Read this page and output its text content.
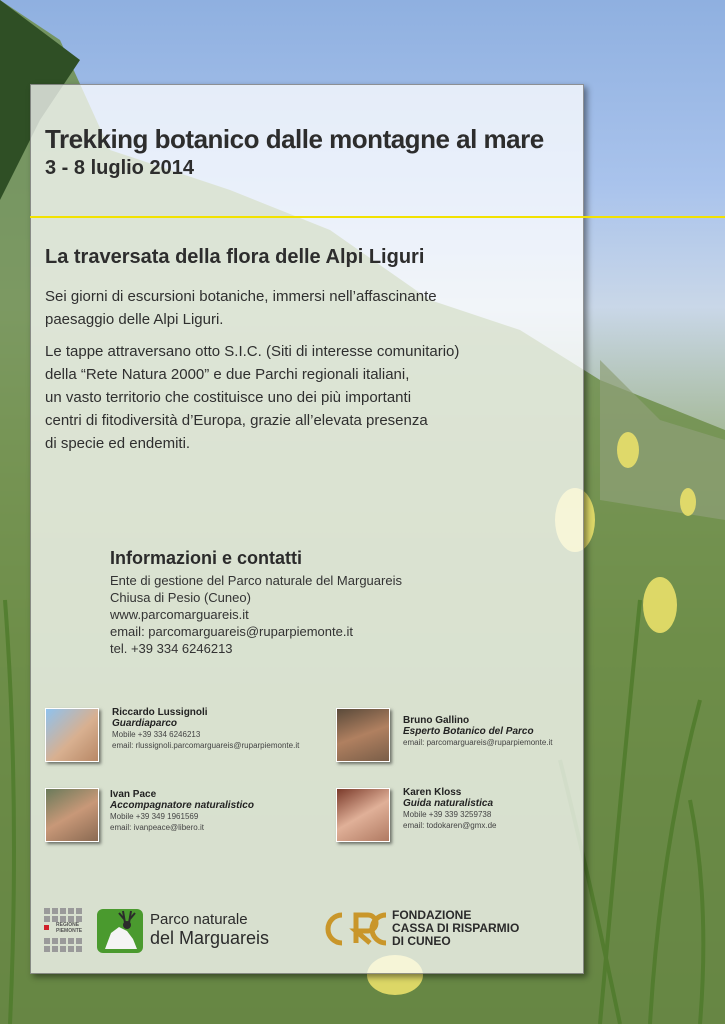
Trekking botanico dalle montagne al mare
3 - 8 luglio 2014
La traversata della flora delle Alpi Liguri
Sei giorni di escursioni botaniche, immersi nell’affascinante
paesaggio delle Alpi Liguri.
Le tappe attraversano otto S.I.C. (Siti di interesse comunitario)
della “Rete Natura 2000” e due Parchi regionali italiani,
un vasto territorio che costituisce uno dei più importanti
centri di fitodiversità d’Europa, grazie all’elevata presenza
di specie ed endemiti.
Informazioni e contatti
Ente di gestione del Parco naturale del Marguareis
Chiusa di Pesio (Cuneo)
www.parcomarguareis.it
email: parcomarguareis@ruparpiemonte.it
tel. +39 334 6246213
Riccardo Lussignoli
Guardiaparco
Mobile +39 334 6246213
email: rlussignoli.parcomarguareis@ruparpiemonte.it
Bruno Gallino
Esperto Botanico del Parco
email: parcomarguareis@ruparpiemonte.it
Ivan Pace
Accompagnatore naturalistico
Mobile +39 349 1961569
email: ivanpeace@libero.it
Karen Kloss
Guida naturalistica
Mobile +39 339 3259738
email: todokaren@gmx.de
REGIONE
PIEMONTE
Parco naturale
del Marguareis
CRC
FONDAZIONE
CASSA DI RISPARMIO
DI CUNEO
